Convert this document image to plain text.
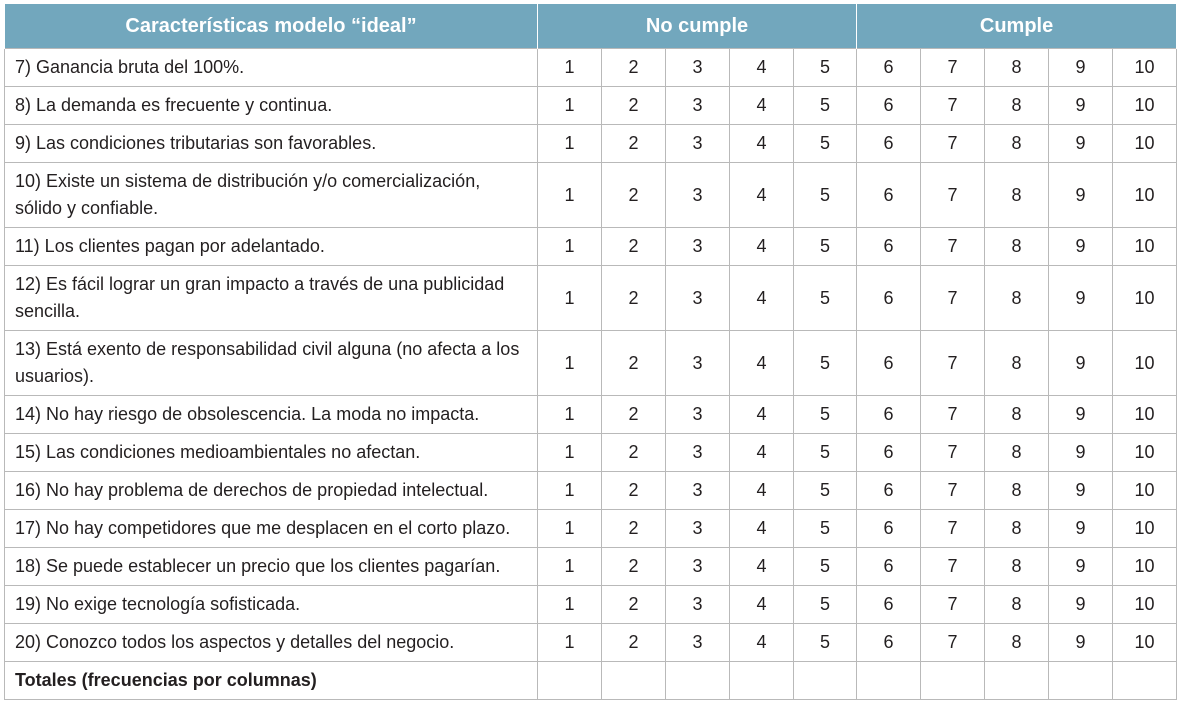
Características modelo “ideal”	No cumple					Cumple				
7) Ganancia bruta del 100%.	1	2	3	4	5	6	7	8	9	10
8) La demanda es frecuente y continua.	1	2	3	4	5	6	7	8	9	10
9) Las condiciones tributarias son favorables.	1	2	3	4	5	6	7	8	9	10
10) Existe un sistema de distribución y/o comercialización, sólido y confiable.	1	2	3	4	5	6	7	8	9	10
11) Los clientes pagan por adelantado.	1	2	3	4	5	6	7	8	9	10
12) Es fácil lograr un gran impacto a través de una publicidad sencilla.	1	2	3	4	5	6	7	8	9	10
13) Está exento de responsabilidad civil alguna (no afecta a los usuarios).	1	2	3	4	5	6	7	8	9	10
14) No hay riesgo de obsolescencia. La moda no impacta.	1	2	3	4	5	6	7	8	9	10
15) Las condiciones medioambientales no afectan.	1	2	3	4	5	6	7	8	9	10
16) No hay problema de derechos de propiedad intelectual.	1	2	3	4	5	6	7	8	9	10
17) No hay competidores que me desplacen en el corto plazo.	1	2	3	4	5	6	7	8	9	10
18) Se puede establecer un precio que los clientes pagarían.	1	2	3	4	5	6	7	8	9	10
19) No exige tecnología sofisticada.	1	2	3	4	5	6	7	8	9	10
20) Conozco todos los aspectos y detalles del negocio.	1	2	3	4	5	6	7	8	9	10
Totales (frecuencias por columnas)										
